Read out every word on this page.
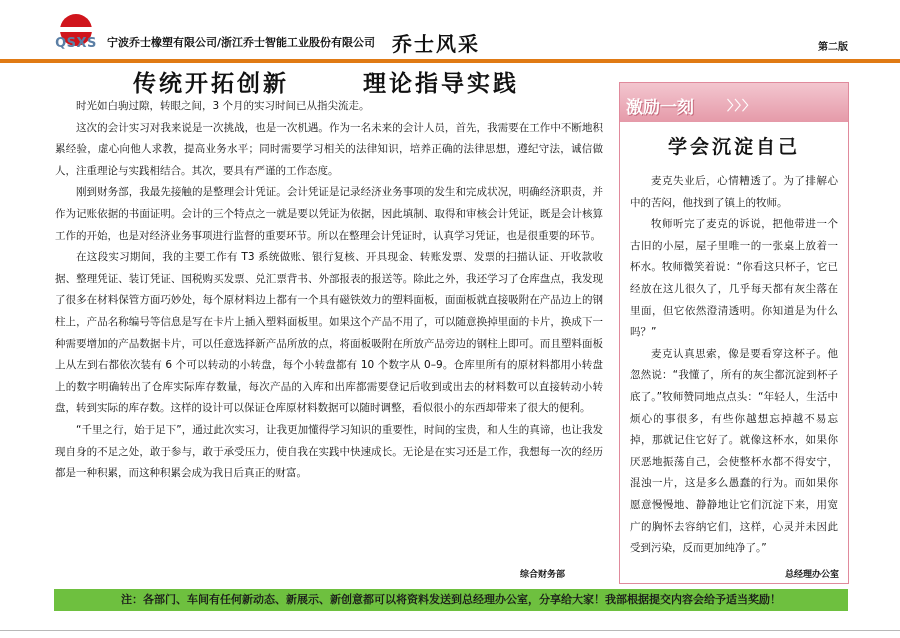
QSXS 宁波乔士橡塑有限公司/浙江乔士智能工业股份有限公司 乔士风采	第二版
传统开拓创新	理论指导实践

时光如白驹过隙，转眼之间，3 个月的实习时间已从指尖流走。

这次的会计实习对我来说是一次挑战，也是一次机遇。作为一名未来的会计人员，首先，我需要在工作中不断地积累经验，虚心向他人求教，提高业务水平；同时需要学习相关的法律知识，培养正确的法律思想，遵纪守法，诚信做人，注重理论与实践相结合。其次，要具有严谨的工作态度。

刚到财务部，我最先接触的是整理会计凭证。会计凭证是记录经济业务事项的发生和完成状况，明确经济职责，并作为记账依据的书面证明。会计的三个特点之一就是要以凭证为依据，因此填制、取得和审核会计凭证，既是会计核算工作的开始，也是对经济业务事项进行监督的重要环节。所以在整理会计凭证时，认真学习凭证，也是很重要的环节。

在这段实习期间，我的主要工作有 T3 系统做账、银行复核、开具现金、转账发票、发票的扫描认证、开收款收据、整理凭证、装订凭证、国税购买发票、兑汇票背书、外部报表的报送等。除此之外，我还学习了仓库盘点，我发现了很多在材料保管方面巧妙处，每个原材料边上都有一个具有磁铁效力的塑料面板，面面板就直接吸附在产品边上的钢柱上，产品名称编号等信息是写在卡片上插入塑料面板里。如果这个产品不用了，可以随意换掉里面的卡片，换成下一种需要增加的产品数据卡片，可以任意选择新产品所放的点，将面板吸附在所放产品旁边的钢柱上即可。而且塑料面板上从左到右都依次装有 6 个可以转动的小转盘，每个小转盘都有 10 个数字从 0–9。仓库里所有的原材料都用小转盘上的数字明确转出了仓库实际库存数量，每次产品的入库和出库都需要登记后收到或出去的材料数可以直接转动小转盘，转到实际的库存数。这样的设计可以保证仓库原材料数据可以随时调整，看似很小的东西却带来了很大的便利。

“千里之行，始于足下”，通过此次实习，让我更加懂得学习知识的重要性，时间的宝贵，和人生的真谛，也让我发现自身的不足之处，敢于参与，敢于承受压力，使自我在实践中快速成长。无论是在实习还是工作，我想每一次的经历都是一种积累，而这种积累会成为我日后真正的财富。

综合财务部
激励一刻	〉〉〉
学会沉淀自己

麦克失业后，心情糟透了。为了排解心中的苦闷，他找到了镇上的牧师。

牧师听完了麦克的诉说，把他带进一个古旧的小屋，屋子里唯一的一张桌上放着一杯水。牧师微笑着说：“你看这只杯子，它已经放在这儿很久了，几乎每天都有灰尘落在里面，但它依然澄清透明。你知道是为什么吗？”

麦克认真思索，像是要看穿这杯子。他忽然说：“我懂了，所有的灰尘都沉淀到杯子底了。”牧师赞同地点点头：“年轻人，生活中烦心的事很多，有些你越想忘掉越不易忘掉，那就记住它好了。就像这杯水，如果你厌恶地振荡自己，会使整杯水都不得安宁，混浊一片，这是多么愚蠢的行为。而如果你愿意慢慢地、静静地让它们沉淀下来，用宽广的胸怀去容纳它们，这样，心灵并未因此受到污染，反而更加纯净了。”

总经理办公室
注：各部门、车间有任何新动态、新展示、新创意都可以将资料发送到总经理办公室，分享给大家！我部根据提交内容会给予适当奖励！
